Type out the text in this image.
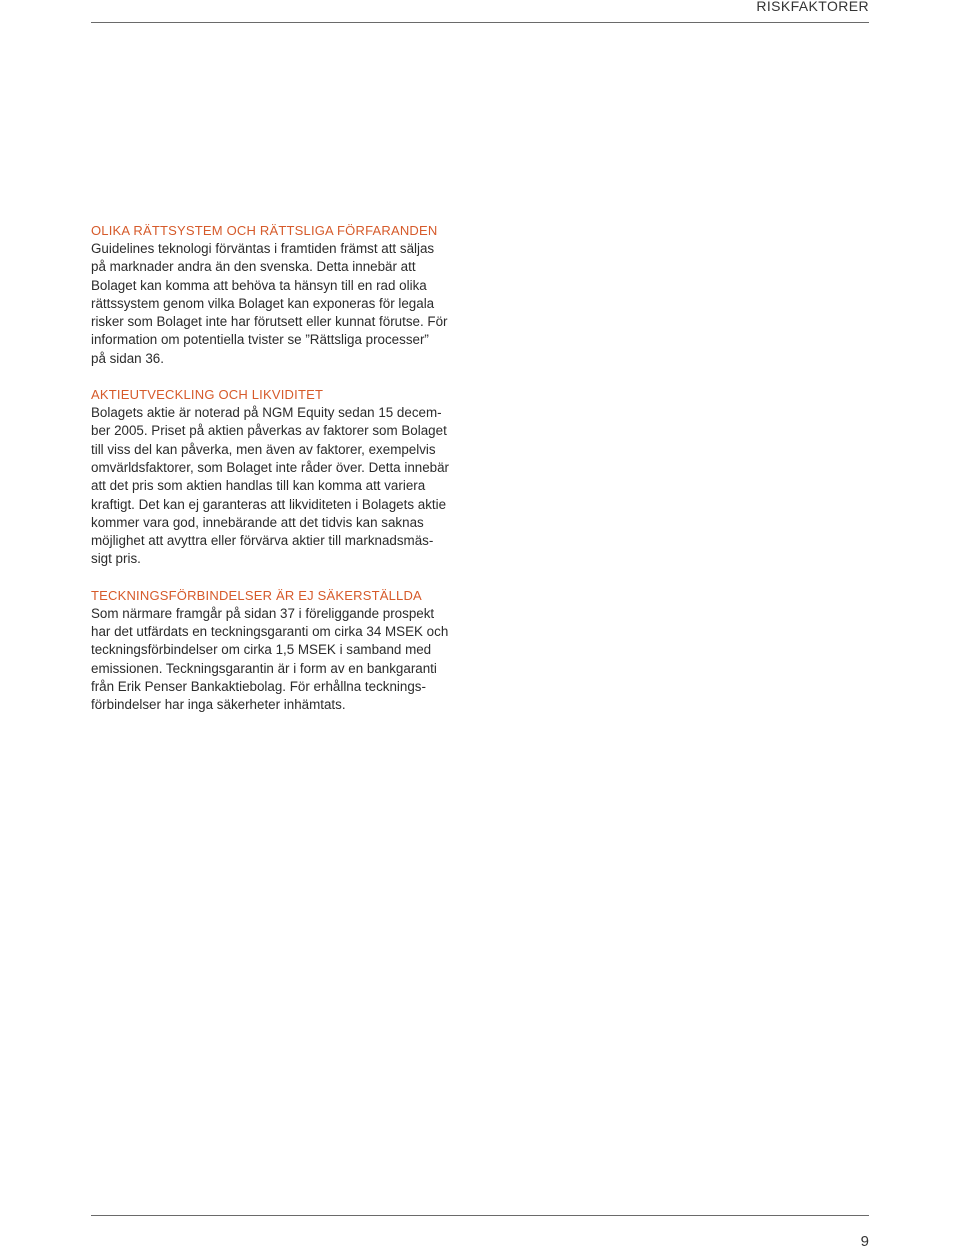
RISKFAKTORER
OLIKA RÄTTSYSTEM OCH RÄTTSLIGA FÖRFARANDEN
Guidelines teknologi förväntas i framtiden främst att säljas
på marknader andra än den svenska. Detta innebär att
Bolaget kan komma att behöva ta hänsyn till en rad olika
rättssystem genom vilka Bolaget kan exponeras för legala
risker som Bolaget inte har förutsett eller kunnat förutse. För
information om potentiella tvister se ”Rättsliga processer”
på sidan 36.
AKTIEUTVECKLING OCH LIKVIDITET
Bolagets aktie är noterad på NGM Equity sedan 15 decem-
ber 2005. Priset på aktien påverkas av faktorer som Bolaget
till viss del kan påverka, men även av faktorer, exempelvis
omvärldsfaktorer, som Bolaget inte råder över. Detta innebär
att det pris som aktien handlas till kan komma att variera
kraftigt. Det kan ej garanteras att likviditeten i Bolagets aktie
kommer vara god, innebärande att det tidvis kan saknas
möjlighet att avyttra eller förvärva aktier till marknadsmäs-
sigt pris.
TECKNINGSFÖRBINDELSER ÄR EJ SÄKERSTÄLLDA
Som närmare framgår på sidan 37 i föreliggande prospekt
har det utfärdats en teckningsgaranti om cirka 34 MSEK och
teckningsförbindelser om cirka 1,5 MSEK i samband med
emissionen. Teckningsgarantin är i form av en bankgaranti
från Erik Penser Bankaktiebolag. För erhållna tecknings-
förbindelser har inga säkerheter inhämtats.
9
